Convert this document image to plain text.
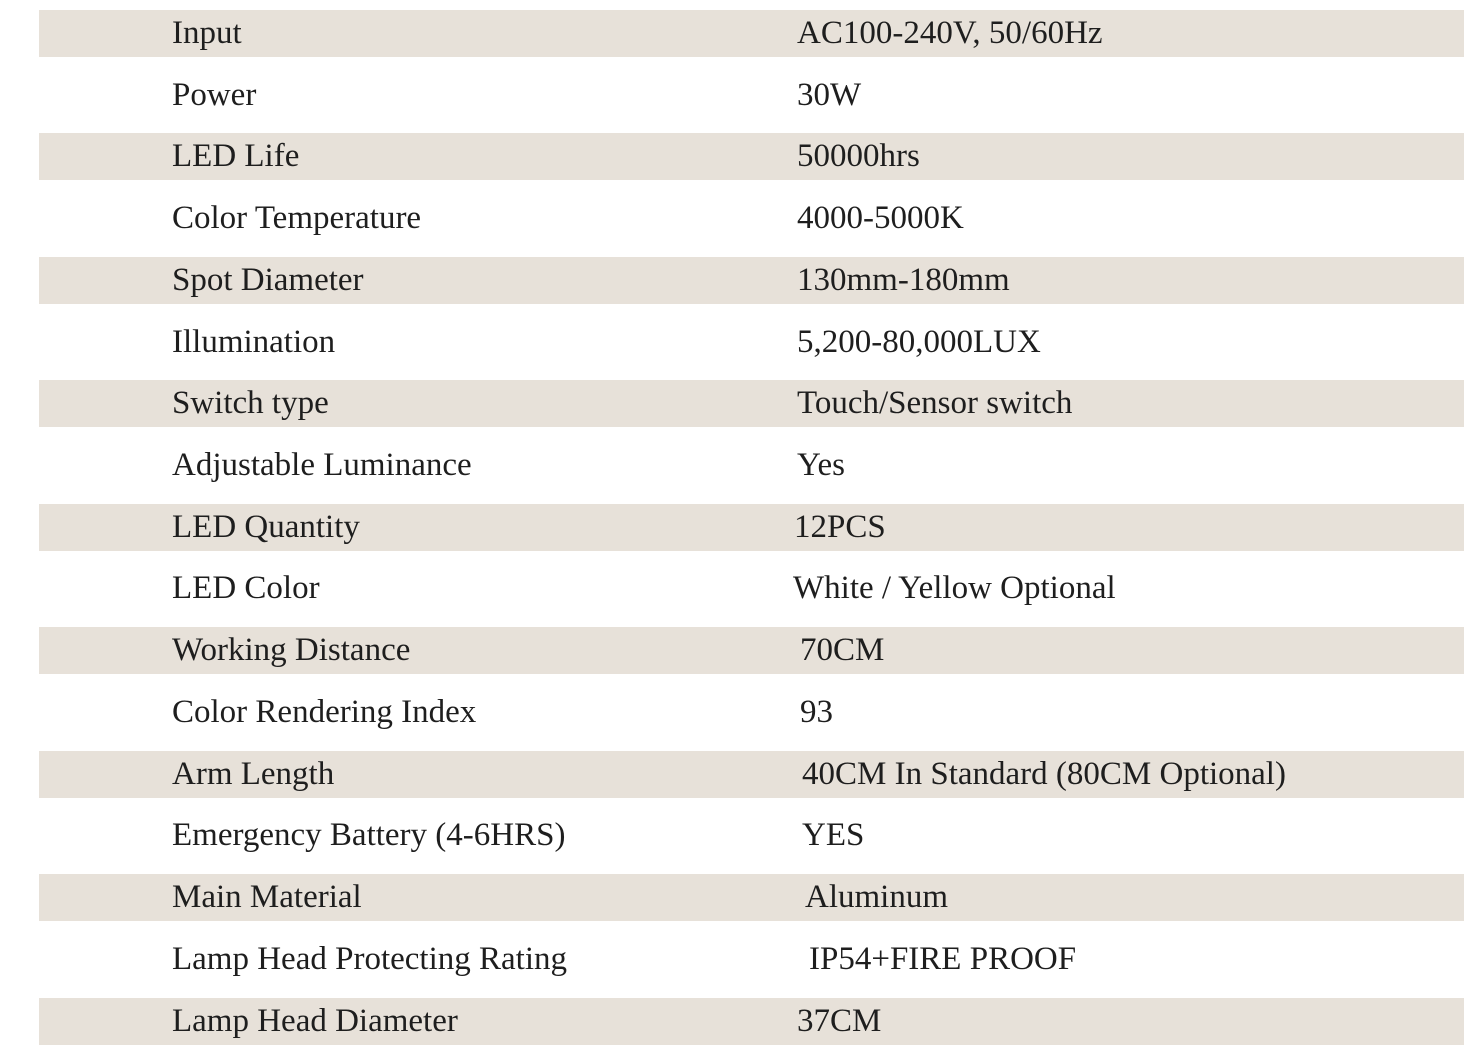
Input	AC100-240V, 50/60Hz
Power	30W
LED Life	50000hrs
Color Temperature	4000-5000K
Spot Diameter	130mm-180mm
Illumination	5,200-80,000LUX
Switch type	Touch/Sensor switch
Adjustable Luminance	Yes
LED Quantity	12PCS
LED Color	White / Yellow Optional
Working Distance	70CM
Color Rendering Index	93
Arm Length	40CM In Standard (80CM Optional)
Emergency Battery (4-6HRS)	YES
Main Material	Aluminum
Lamp Head Protecting Rating	IP54+FIRE PROOF
Lamp Head Diameter	37CM
